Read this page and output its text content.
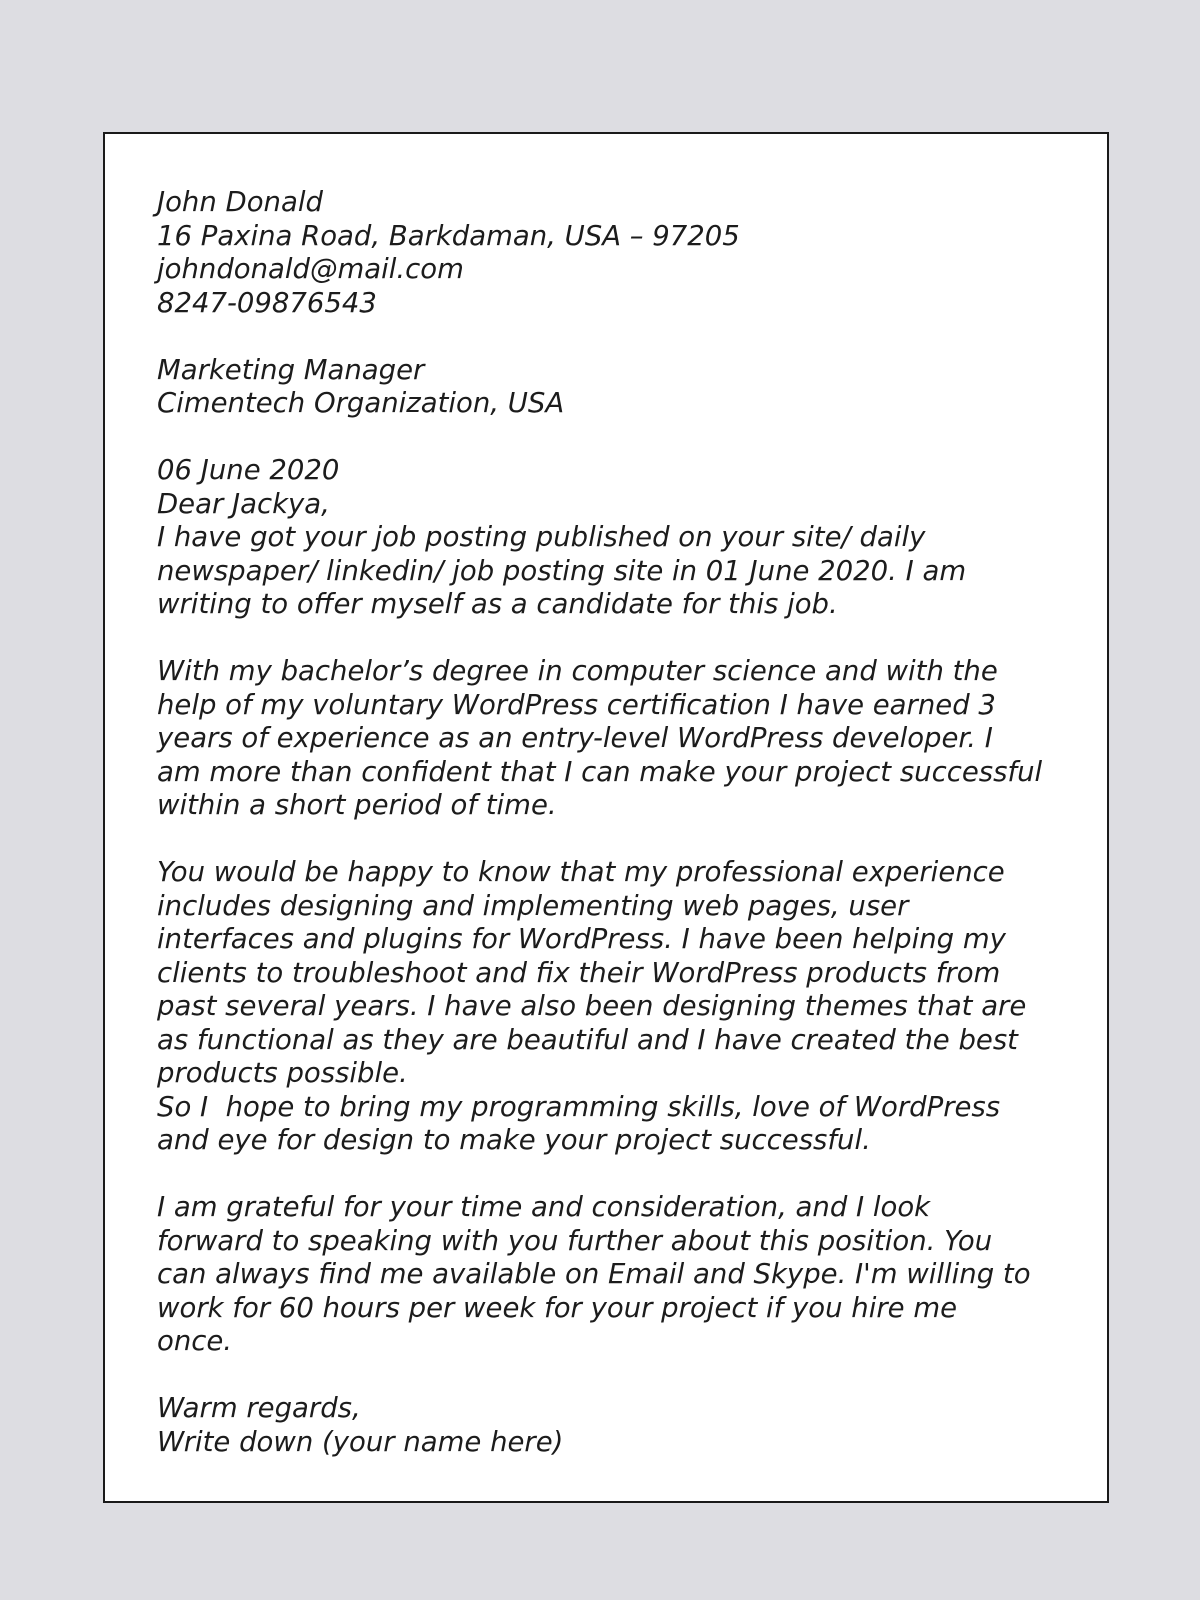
John Donald
16 Paxina Road, Barkdaman, USA – 97205
johndonald@mail.com
8247-09876543
Marketing Manager
Cimentech Organization, USA
06 June 2020
Dear Jackya,
I have got your job posting published on your site/ daily
newspaper/ linkedin/ job posting site in 01 June 2020. I am
writing to offer myself as a candidate for this job.
With my bachelor’s degree in computer science and with the
help of my voluntary WordPress certification I have earned 3
years of experience as an entry-level WordPress developer. I
am more than confident that I can make your project successful
within a short period of time.
You would be happy to know that my professional experience
includes designing and implementing web pages, user
interfaces and plugins for WordPress. I have been helping my
clients to troubleshoot and fix their WordPress products from
past several years. I have also been designing themes that are
as functional as they are beautiful and I have created the best
products possible.
So I  hope to bring my programming skills, love of WordPress
and eye for design to make your project successful.
I am grateful for your time and consideration, and I look
forward to speaking with you further about this position. You
can always find me available on Email and Skype. I'm willing to
work for 60 hours per week for your project if you hire me
once.
Warm regards,
Write down (your name here)
